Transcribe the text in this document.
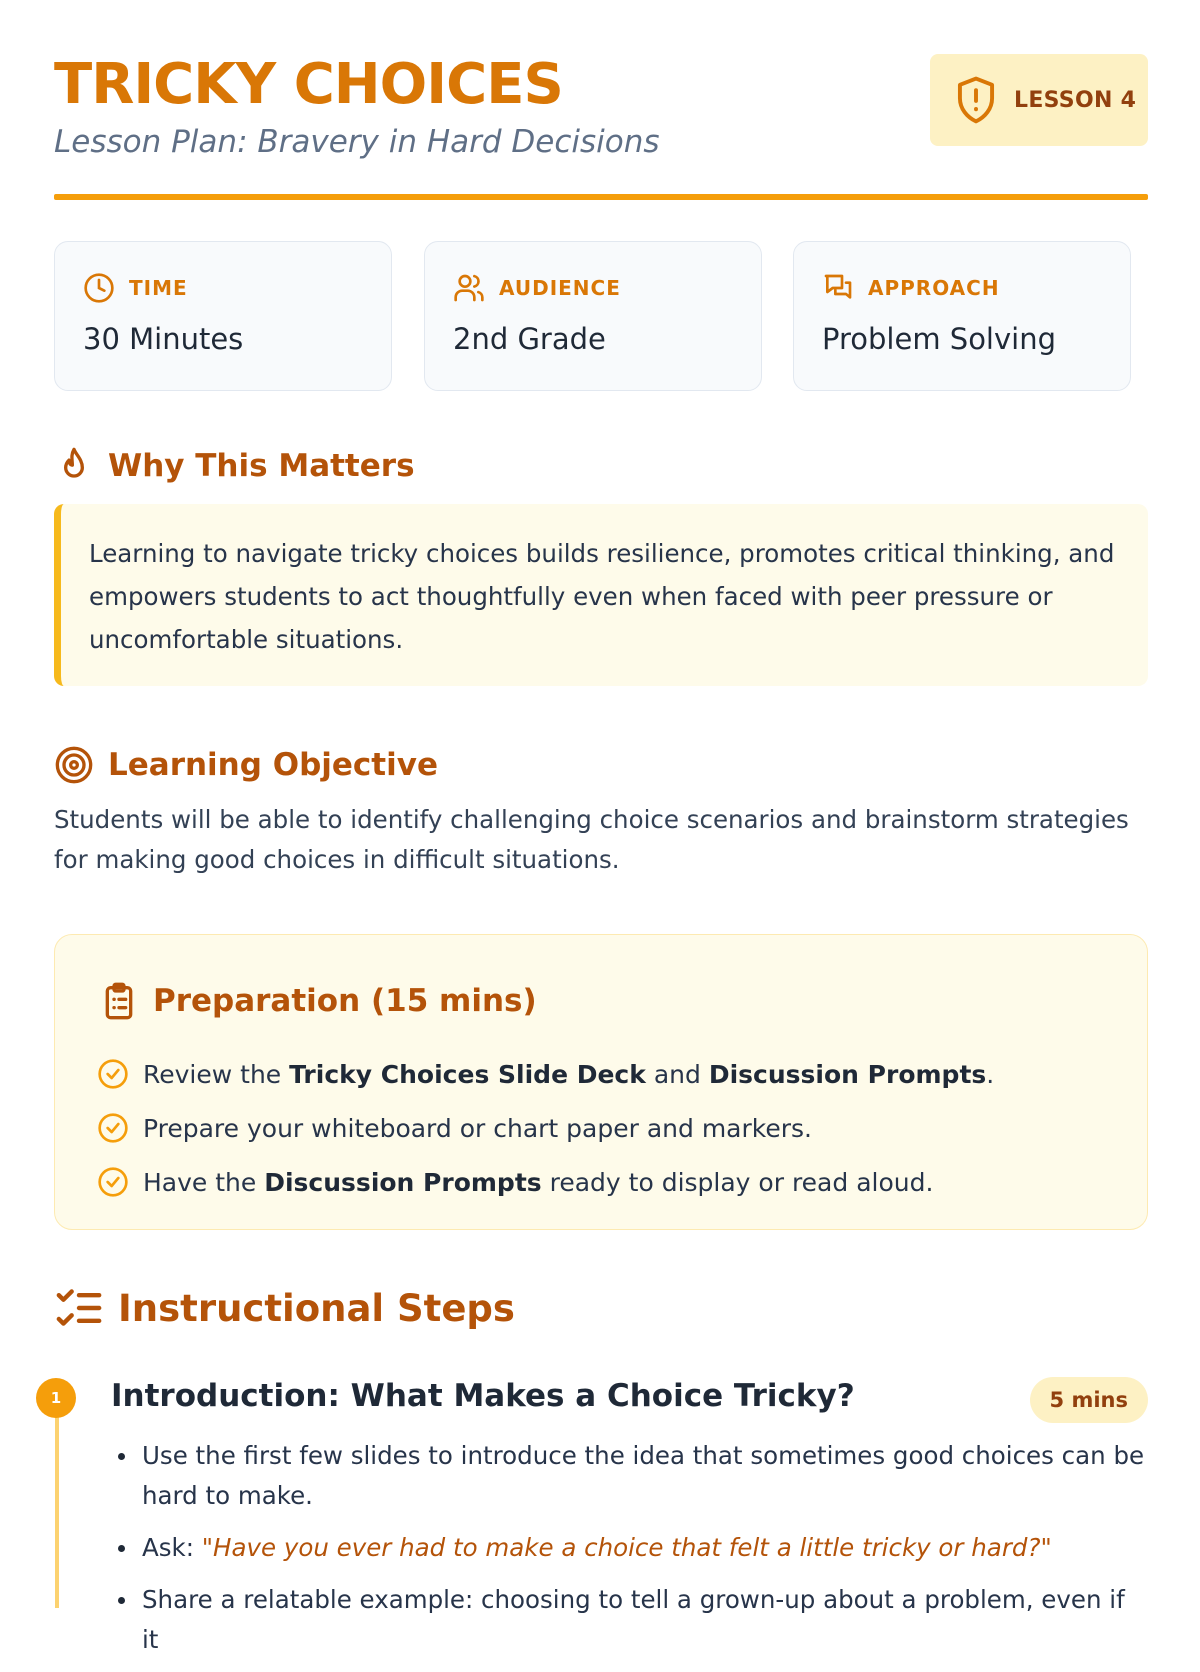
TRICKY CHOICES
Lesson Plan: Bravery in Hard Decisions
LESSON 4
TIME
30 Minutes
AUDIENCE
2nd Grade
APPROACH
Problem Solving
Why This Matters
Learning to navigate tricky choices builds resilience, promotes critical thinking, and empowers students to act thoughtfully even when faced with peer pressure or uncomfortable situations.
Learning Objective
Students will be able to identify challenging choice scenarios and brainstorm strategies for making good choices in difficult situations.
Preparation (15 mins)
Review the
Tricky Choices Slide Deck
and
Discussion Prompts .
Prepare your whiteboard or chart paper and markers.
Have the
Discussion Prompts
ready to display or read aloud.
Instructional Steps
1	Introduction: What Makes a Choice Tricky?	5 mins
Use the first few slides to introduce the idea that sometimes good choices can be hard to make.
Ask: "Have you ever had to make a choice that felt a little tricky or hard?"
Share a relatable example: choosing to tell a grown-up about a problem, even if it
